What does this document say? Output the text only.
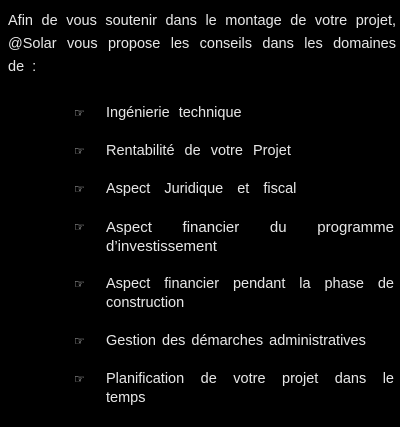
Afin de vous soutenir dans le montage de votre projet, @Solar vous propose les conseils dans les domaines de :

☞	Ingénierie technique
☞	Rentabilité de votre Projet
☞	Aspect Juridique et fiscal
☞	Aspect financier du programme d’investissement
☞	Aspect financier pendant la phase de construction
☞	Gestion des démarches administratives
☞	Planification de votre projet dans le temps
